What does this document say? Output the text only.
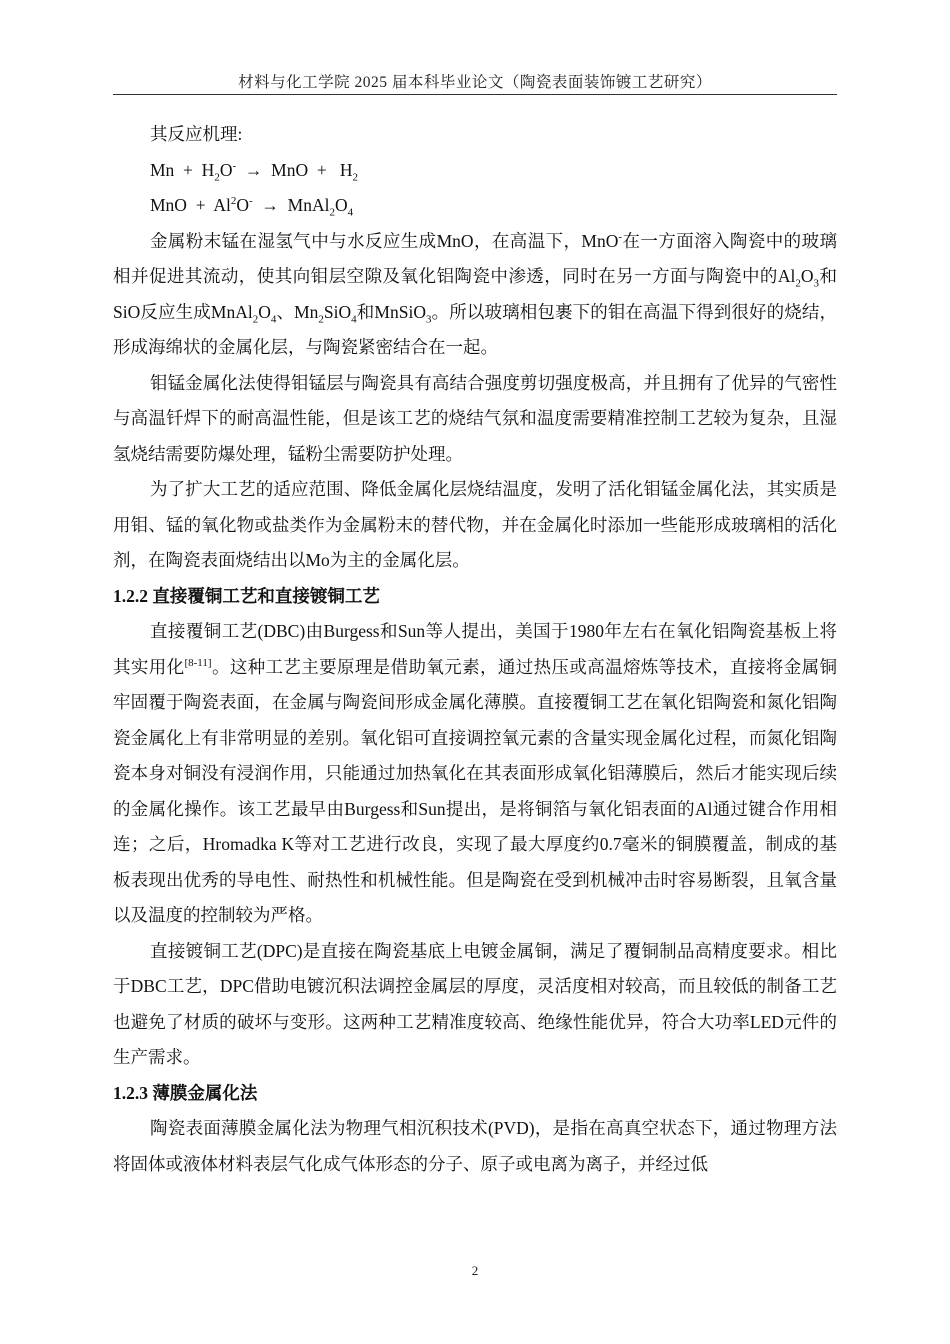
材料与化工学院 2025 届本科毕业论文（陶瓷表面装饰镀工艺研究）

其反应机理:

$Mn + H_2O^-$  →  MnO  +   $H_2$

MnO  +  $Al^2O^- \to MnAl_2O_4$

金属粉末锰在湿氢气中与水反应生成MnO，在高温下，MnO-在一方面溶入陶瓷中的玻璃相并促进其流动，使其向钼层空隙及氧化铝陶瓷中渗透，同时在另一方面与陶瓷中的$Al_2O_3$和SiO反应生成$MnAl_2O_4$、$Mn_2SiO_4$和MnSiO$_3$。所以玻璃相包裹下的钼在高温下得到很好的烧结，形成海绵状的金属化层，与陶瓷紧密结合在一起。

钼锰金属化法使得钼锰层与陶瓷具有高结合强度剪切强度极高，并且拥有了优异的气密性与高温钎焊下的耐高温性能，但是该工艺的烧结气氛和温度需要精准控制工艺较为复杂，且湿氢烧结需要防爆处理，锰粉尘需要防护处理。

为了扩大工艺的适应范围、降低金属化层烧结温度，发明了活化钼锰金属化法，其实质是用钼、锰的氧化物或盐类作为金属粉末的替代物，并在金属化时添加一些能形成玻璃相的活化剂，在陶瓷表面烧结出以Mo为主的金属化层。

1.2.2 直接覆铜工艺和直接镀铜工艺

直接覆铜工艺(DBC)由Burgess和Sun等人提出，美国于1980年左右在氧化铝陶瓷基板上将其实用化[8-11]。这种工艺主要原理是借助氧元素，通过热压或高温熔炼等技术，直接将金属铜牢固覆于陶瓷表面，在金属与陶瓷间形成金属化薄膜。直接覆铜工艺在氧化铝陶瓷和氮化铝陶瓷金属化上有非常明显的差别。氧化铝可直接调控氧元素的含量实现金属化过程，而氮化铝陶瓷本身对铜没有浸润作用，只能通过加热氧化在其表面形成氧化铝薄膜后，然后才能实现后续的金属化操作。该工艺最早由Burgess和Sun提出，是将铜箔与氧化铝表面的Al通过键合作用相连；之后，Hromadka K等对工艺进行改良，实现了最大厚度约0.7毫米的铜膜覆盖，制成的基板表现出优秀的导电性、耐热性和机械性能。但是陶瓷在受到机械冲击时容易断裂，且氧含量以及温度的控制较为严格。

直接镀铜工艺(DPC)是直接在陶瓷基底上电镀金属铜，满足了覆铜制品高精度要求。相比于DBC工艺，DPC借助电镀沉积法调控金属层的厚度，灵活度相对较高，而且较低的制备工艺也避免了材质的破坏与变形。这两种工艺精准度较高、绝缘性能优异，符合大功率LED元件的生产需求。

1.2.3 薄膜金属化法

陶瓷表面薄膜金属化法为物理气相沉积技术(PVD)，是指在高真空状态下，通过物理方法将固体或液体材料表层气化成气体形态的分子、原子或电离为离子，并经过低

2
